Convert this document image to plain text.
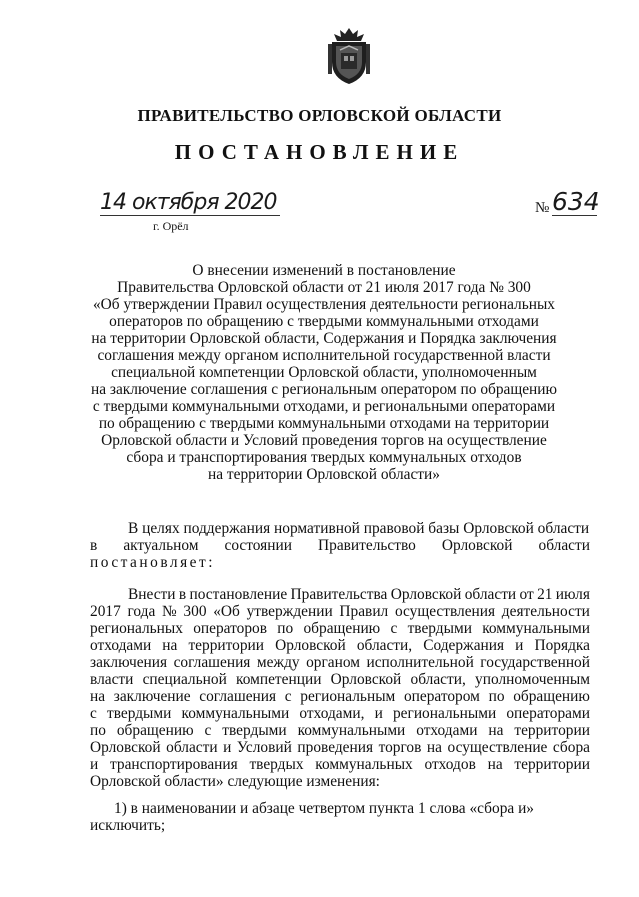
ПРАВИТЕЛЬСТВО ОРЛОВСКОЙ ОБЛАСТИ
ПОСТАНОВЛЕНИЕ
14 октября 2020
г. Орёл
№ 634
О внесении изменений в постановление
Правительства Орловской области от 21 июля 2017 года № 300
«Об утверждении Правил осуществления деятельности региональных
операторов по обращению с твердыми коммунальными отходами
на территории Орловской области, Содержания и Порядка заключения
соглашения между органом исполнительной государственной власти
специальной компетенции Орловской области, уполномоченным
на заключение соглашения с региональным оператором по обращению
с твердыми коммунальными отходами, и региональными операторами
по обращению с твердыми коммунальными отходами на территории
Орловской области и Условий проведения торгов на осуществление
сбора и транспортирования твердых коммунальных отходов
на территории Орловской области»
В целях поддержания нормативной правовой базы Орловской области
в актуальном состоянии Правительство Орловской области
постановляет:
Внести в постановление Правительства Орловской области от 21 июля
2017 года № 300 «Об утверждении Правил осуществления деятельности
региональных операторов по обращению с твердыми коммунальными
отходами на территории Орловской области, Содержания и Порядка
заключения соглашения между органом исполнительной государственной
власти специальной компетенции Орловской области, уполномоченным
на заключение соглашения с региональным оператором по обращению
с твердыми коммунальными отходами, и региональными операторами
по обращению с твердыми коммунальными отходами на территории
Орловской области и Условий проведения торгов на осуществление сбора
и транспортирования твердых коммунальных отходов на территории
Орловской области» следующие изменения:
1) в наименовании и абзаце четвертом пункта 1 слова «сбора и»
исключить;
